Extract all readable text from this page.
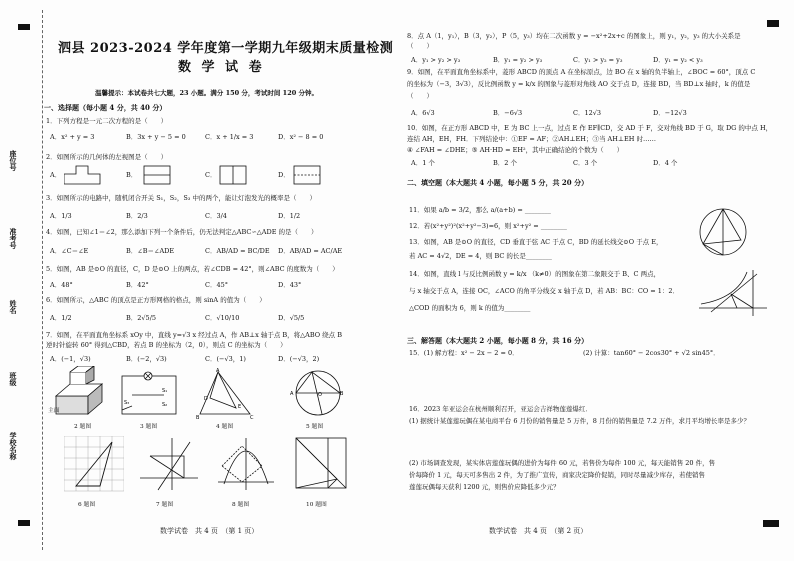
座位号
准考号
姓名
班级
学校名称
泗县 2023-2024 学年度第一学期九年级期末质量检测
数 学 试 卷
温馨提示：本试卷共七大题，23 小题。满分 150 分，考试时间 120 分钟。
一、选择题（每小题 4 分，共 40 分）
1．下列方程是一元二次方程的是（　　）
A．x² + y = 3	B．3x + y − 5 = 0	C．x + 1/x = 3	D．x² − 8 = 0
2．如图所示的几何体的左视图是（　　）
A．	B．	C．	D．
3．如图所示的电路中，随机闭合开关 S₁，S₂，S₃ 中的两个，能让灯泡发光的概率是（　　）
A．1/3	B．2/3	C．3/4	D．1/2
4．如图，已知∠1＝∠2，那么添加下列一个条件后，仍无法判定△ABC∽△ADE 的是（　　）
A．∠C＝∠E	B．∠B＝∠ADE	C．AB/AD = BC/DE D．AB/AD = AC/AE
5．如图，AB 是⊙O 的直径，C，D 是⊙O 上的两点，若∠CDB = 42°，则∠ABC 的度数为（　　）
A．48°	B．42°	C．45°	D．43°
6．如图所示，△ABC 的顶点是正方形网格的格点，则 sinA 的值为（　　）
A．1/2	B．2√5/5	C．√10/10	D．√5/5
7．如图，在平面直角坐标系 xOy 中，直线 y=√3 x 经过点 A，作 AB⊥x 轴于点 B，将△ABO 绕点 B
逆时针旋转 60° 得到△CBD，若点 B 的坐标为（2，0），则点 C 的坐标为（　　）
A．(−1，√3)	B．(−2，√3)	C．(−√3，1)	D．(−√3，2)
主面
S₁
S₂
S₃
A
B	C
D
E
A	B
O
2 题图	3 题图	4 题图	5 题图
6 题图	7 题图	8 题图	10 题图
数学试卷　共 4 页　（第 1 页）
8．点 A（1，y₁），B（3，y₂），P（5，y₃）均在二次函数 y = −x²+2x+c 的图象上，则 y₁，y₂，y₃ 的大小关系是
（　　）
A．y₁ > y₂ > y₃	B．y₁ = y₂ > y₃	C．y₁ > y₂ = y₃	D．y₁ = y₂ < y₃
9．如图，在平面直角坐标系中，菱形 ABCD 的顶点 A 在坐标原点，边 BO 在 x 轴的负半轴上，∠BOC = 60°，顶点 C
的坐标为（−3，3√3），反比例函数 y = k/x 的图象与菱形对角线 AO 交于点 D，连接 BD，当 BD⊥x 轴时，k 的值是
（　　）
A．6√3	B．−6√3	C．12√3	D．−12√3
10．如图，在正方形 ABCD 中，E 为 BC 上一点，过点 E 作 EF∥CD，交 AD 于 F，交对角线 BD 于 G，取 DG 的中点 H，
连结 AH，EH，FH．下列结论中：①EF = AF；②AH⊥EH；③当 AH⊥EH 时……
④ ∠FAH = ∠DHE；⑤ AH·HD = EH²，其中正确结论的个数为（　　）
A．1 个	B．2 个	C．3 个	D．4 个
二、填空题（本大题共 4 小题，每小题 5 分，共 20 分）
11．如果 a/b = 3/2，那么 a/(a+b) = ________
12．若(x²+y²)²(x²+y²−3)=6，则 x²+y² = ________
13．如图，AB 是⊙O 的直径，CD 垂直于弦 AC 于点 C，BD 的延长线交⊙O 于点 E，
若 AC = 4√2，DE = 4，则 BC 的长是________
14．如图，直线 l 与反比例函数 y = k/x （k≠0）的图象在第二象限交于 B、C 两点，
与 x 轴交于点 A，连接 OC，∠ACO 的角平分线交 x 轴于点 D，若 AB：BC：CO = 1：2．
△COD 的面积为 6，则 k 的值为________
三、解答题（本大题共 2 小题，每小题 8 分，共 16 分）
15．(1) 解方程：x² − 2x − 2 = 0．	(2) 计算：tan60° − 2cos30° + √2 sin45°．
16．2023 年亚运会在杭州顺利召开，亚运会吉祥物莲莲爆红．
(1) 据统计某莲莲玩偶在某电商平台 6 月份的销售量是 5 万件，8 月份的销售量是 7.2 万件，求月平均增长率是多少？
(2) 市场调查发现，某实体店莲莲玩偶的进价为每件 60 元，若售价为每件 100 元，每天能销售 20 件，售
价每降价 1 元，每天可多售出 2 件，为了推广宣传，商家决定降价促销，同时尽量减少库存，若使销售
莲莲玩偶每天获利 1200 元，则售价应降低多少元？
数学试卷　共 4 页　（第 2 页）
